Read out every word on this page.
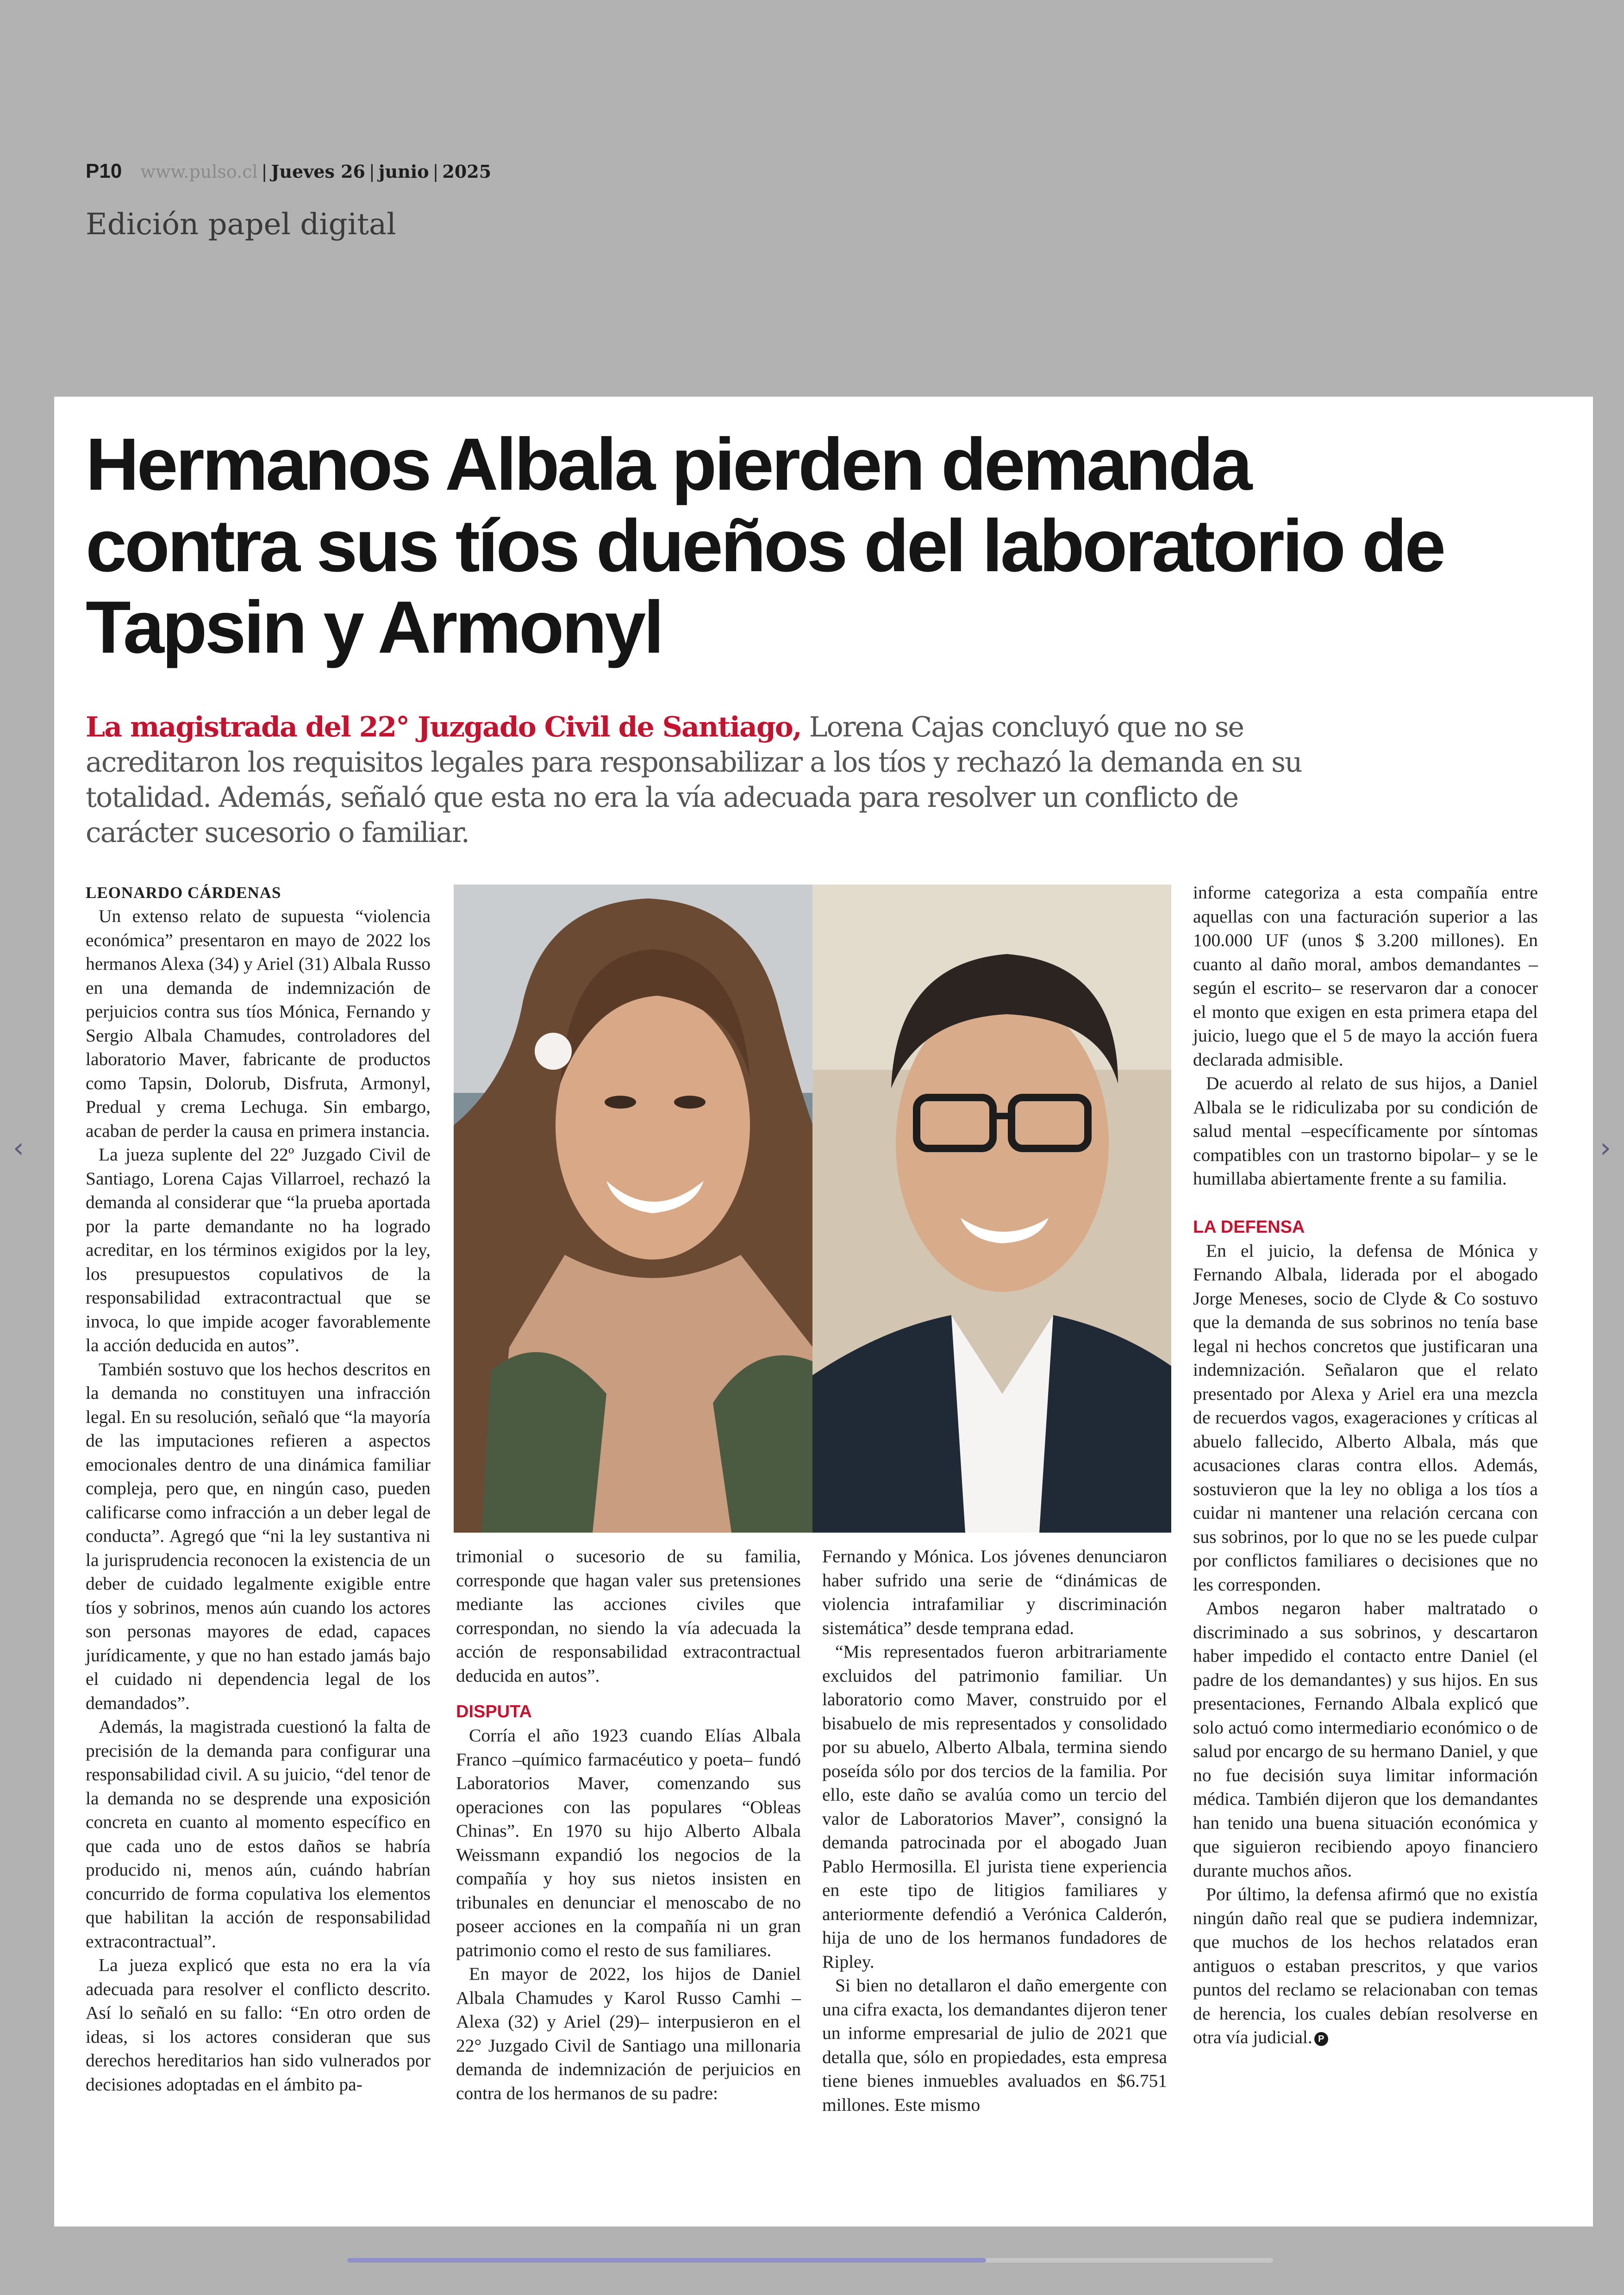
P10 www.pulso.cl | Jueves 26 | junio | 2025
Edición papel digital
‹	›
Hermanos Albala pierden demanda contra sus tíos dueños del laboratorio de Tapsin y Armonyl

La magistrada del 22° Juzgado Civil de Santiago, Lorena Cajas concluyó que no se acreditaron los requisitos legales para responsabilizar a los tíos y rechazó la demanda en su totalidad. Además, señaló que esta no era la vía adecuada para resolver un conflicto de carácter sucesorio o familiar.

LEONARDO CÁRDENAS

Un extenso relato de supuesta “violencia económica” presentaron en mayo de 2022 los hermanos Alexa (34) y Ariel (31) Albala Russo en una demanda de indemnización de perjuicios contra sus tíos Mónica, Fernando y Sergio Albala Chamudes, controladores del laboratorio Maver, fabricante de productos como Tapsin, Dolorub, Disfruta, Armonyl, Predual y crema Lechuga. Sin embargo, acaban de perder la causa en primera instancia.

La jueza suplente del 22º Juzgado Civil de Santiago, Lorena Cajas Villarroel, rechazó la demanda al considerar que “la prueba aportada por la parte demandante no ha logrado acreditar, en los términos exigidos por la ley, los presupuestos copulativos de la responsabilidad extracontractual que se invoca, lo que impide acoger favorablemente la acción deducida en autos”.

También sostuvo que los hechos descritos en la demanda no constituyen una infracción legal. En su resolución, señaló que “la mayoría de las imputaciones refieren a aspectos emocionales dentro de una dinámica familiar compleja, pero que, en ningún caso, pueden calificarse como infracción a un deber legal de conducta”. Agregó que “ni la ley sustantiva ni la jurisprudencia reconocen la existencia de un deber de cuidado legalmente exigible entre tíos y sobrinos, menos aún cuando los actores son personas mayores de edad, capaces jurídicamente, y que no han estado jamás bajo el cuidado ni dependencia legal de los demandados”.

Además, la magistrada cuestionó la falta de precisión de la demanda para configurar una responsabilidad civil. A su juicio, “del tenor de la demanda no se desprende una exposición concreta en cuanto al momento específico en que cada uno de estos daños se habría producido ni, menos aún, cuándo habrían concurrido de forma copulativa los elementos que habilitan la acción de responsabilidad extracontractual”.

La jueza explicó que esta no era la vía adecuada para resolver el conflicto descrito. Así lo señaló en su fallo: “En otro orden de ideas, si los actores consideran que sus derechos hereditarios han sido vulnerados por decisiones adoptadas en el ámbito pa-

trimonial o sucesorio de su familia, corresponde que hagan valer sus pretensiones mediante las acciones civiles que correspondan, no siendo la vía adecuada la acción de responsabilidad extracontractual deducida en autos”.

DISPUTA

Corría el año 1923 cuando Elías Albala Franco –químico farmacéutico y poeta– fundó Laboratorios Maver, comenzando sus operaciones con las populares “Obleas Chinas”. En 1970 su hijo Alberto Albala Weissmann expandió los negocios de la compañía y hoy sus nietos insisten en tribunales en denunciar el menoscabo de no poseer acciones en la compañía ni un gran patrimonio como el resto de sus familiares.

En mayor de 2022, los hijos de Daniel Albala Chamudes y Karol Russo Camhi –Alexa (32) y Ariel (29)– interpusieron en el 22° Juzgado Civil de Santiago una millonaria demanda de indemnización de perjuicios en contra de los hermanos de su padre:

Fernando y Mónica. Los jóvenes denunciaron haber sufrido una serie de “dinámicas de violencia intrafamiliar y discriminación sistemática” desde temprana edad.

“Mis representados fueron arbitrariamente excluidos del patrimonio familiar. Un laboratorio como Maver, construido por el bisabuelo de mis representados y consolidado por su abuelo, Alberto Albala, termina siendo poseída sólo por dos tercios de la familia. Por ello, este daño se avalúa como un tercio del valor de Laboratorios Maver”, consignó la demanda patrocinada por el abogado Juan Pablo Hermosilla. El jurista tiene experiencia en este tipo de litigios familiares y anteriormente defendió a Verónica Calderón, hija de uno de los hermanos fundadores de Ripley.

Si bien no detallaron el daño emergente con una cifra exacta, los demandantes dijeron tener un informe empresarial de julio de 2021 que detalla que, sólo en propiedades, esta empresa tiene bienes inmuebles avaluados en $6.751 millones. Este mismo

informe categoriza a esta compañía entre aquellas con una facturación superior a las 100.000 UF (unos $ 3.200 millones). En cuanto al daño moral, ambos demandantes –según el escrito– se reservaron dar a conocer el monto que exigen en esta primera etapa del juicio, luego que el 5 de mayo la acción fuera declarada admisible.

De acuerdo al relato de sus hijos, a Daniel Albala se le ridiculizaba por su condición de salud mental –específicamente por síntomas compatibles con un trastorno bipolar– y se le humillaba abiertamente frente a su familia.

LA DEFENSA

En el juicio, la defensa de Mónica y Fernando Albala, liderada por el abogado Jorge Meneses, socio de Clyde & Co sostuvo que la demanda de sus sobrinos no tenía base legal ni hechos concretos que justificaran una indemnización. Señalaron que el relato presentado por Alexa y Ariel era una mezcla de recuerdos vagos, exageraciones y críticas al abuelo fallecido, Alberto Albala, más que acusaciones claras contra ellos. Además, sostuvieron que la ley no obliga a los tíos a cuidar ni mantener una relación cercana con sus sobrinos, por lo que no se les puede culpar por conflictos familiares o decisiones que no les corresponden.

Ambos negaron haber maltratado o discriminado a sus sobrinos, y descartaron haber impedido el contacto entre Daniel (el padre de los demandantes) y sus hijos. En sus presentaciones, Fernando Albala explicó que solo actuó como intermediario económico o de salud por encargo de su hermano Daniel, y que no fue decisión suya limitar información médica. También dijeron que los demandantes han tenido una buena situación económica y que siguieron recibiendo apoyo financiero durante muchos años.

Por último, la defensa afirmó que no existía ningún daño real que se pudiera indemnizar, que muchos de los hechos relatados eran antiguos o estaban prescritos, y que varios puntos del reclamo se relacionaban con temas de herencia, los cuales debían resolverse en otra vía judicial. P
